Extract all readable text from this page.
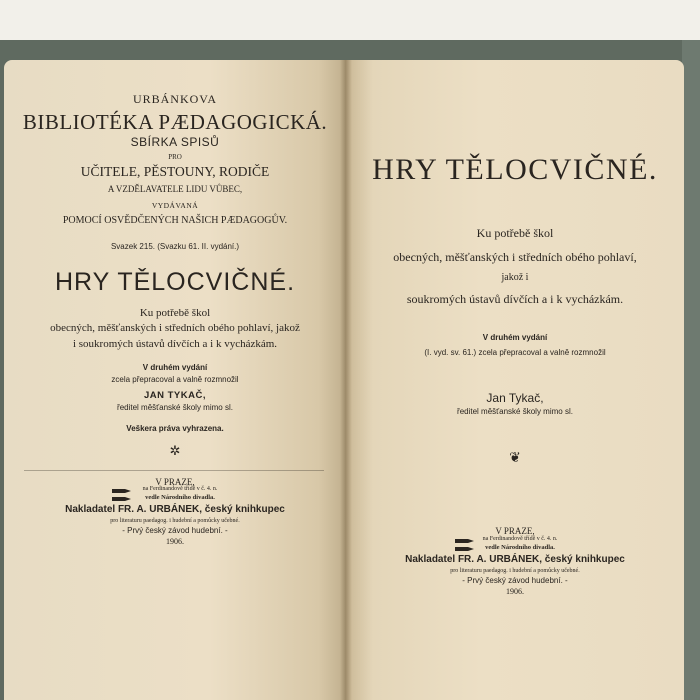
URBÁNKOVA
BIBLIOTÉKA PÆDAGOGICKÁ.
SBÍRKA SPISŮ
PRO
UČITELE, PĚSTOUNY, RODIČE
A VZDĚLAVATELE LIDU VŮBEC,
VYDÁVANÁ
POMOCÍ OSVĚDČENÝCH NAŠICH PÆDAGOGŮV.
Svazek 215. (Svazku 61. II. vydání.)
HRY TĚLOCVIČNÉ.
Ku potřebě škol
obecných, měšťanských i středních obého pohlaví, jakož
i soukromých ústavů dívčích a i k vycházkám.
V druhém vydání
zcela přepracoval a valně rozmnožil
JAN TYKAČ,
ředitel měšťanské školy mimo sl.
Veškera práva vyhrazena.
✲
V PRAZE,
na Ferdinandově třídě v č. 4. n.
vedle Národního divadla.
Nakladatel FR. A. URBÁNEK, český knihkupec
pro literaturu paedagog. i hudební a pomůcky učebné.
- Prvý český závod hudební. -
1906.
HRY TĚLOCVIČNÉ.
Ku potřebě škol
obecných, měšťanských i středních obého pohlaví,
jakož i
soukromých ústavů dívčích a i k vycházkám.
V druhém vydání
(I. vyd. sv. 61.) zcela přepracoval a valně rozmnožil
Jan Tykač,
ředitel měšťanské školy mimo sl.
❦
V PRAZE,
na Ferdinandově třídě v č. 4. n.
vedle Národního divadla.
Nakladatel FR. A. URBÁNEK, český knihkupec
pro literaturu paedagog. i hudební a pomůcky učebné.
- Prvý český závod hudební. -
1906.
